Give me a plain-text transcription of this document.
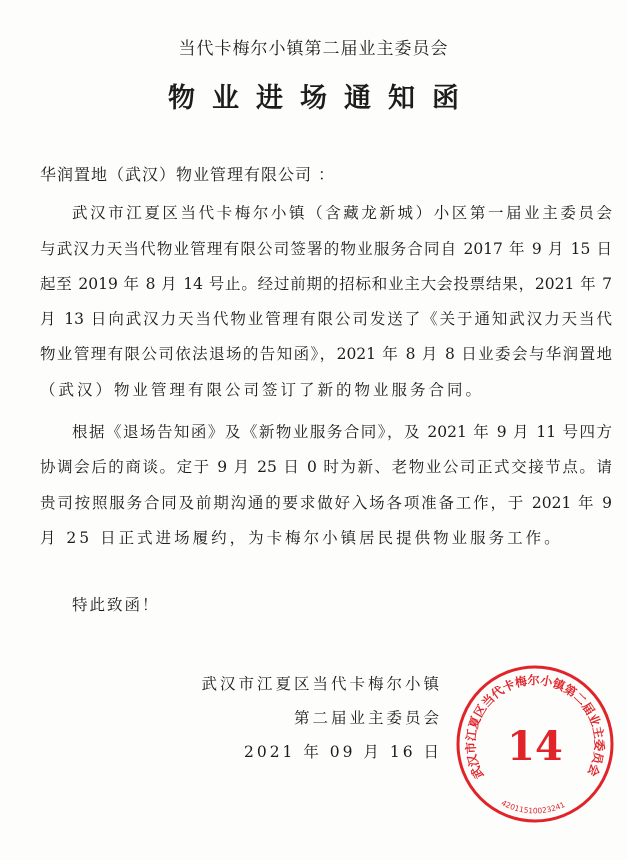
当代卡梅尔小镇第二届业主委员会
物业进场通知函
华润置地（武汉）物业管理有限公司 ：
武汉市江夏区当代卡梅尔小镇（含藏龙新城）小区第一届业主委员会
与武汉力天当代物业管理有限公司签署的物业服务合同自 2017 年 9 月 15 日
起至 2019 年 8 月 14 号止。经过前期的招标和业主大会投票结果，2021 年 7
月 13 日向武汉力天当代物业管理有限公司发送了《关于通知武汉力天当代
物业管理有限公司依法退场的告知函》，2021 年 8 月 8 日业委会与华润置地
（武汉）物业管理有限公司签订了新的物业服务合同。
根据《退场告知函》及《新物业服务合同》，及 2021 年 9 月 11 号四方
协调会后的商谈。定于 9 月 25 日 0 时为新、老物业公司正式交接节点。请
贵司按照服务合同及前期沟通的要求做好入场各项准备工作，于 2021 年 9
月 25 日正式进场履约，为卡梅尔小镇居民提供物业服务工作。
特此致函！
武汉市江夏区当代卡梅尔小镇
第二届业主委员会
2021 年 09 月 16 日
武汉市江夏区当代卡梅尔小镇第二届业主委员会
14
42011510023241
